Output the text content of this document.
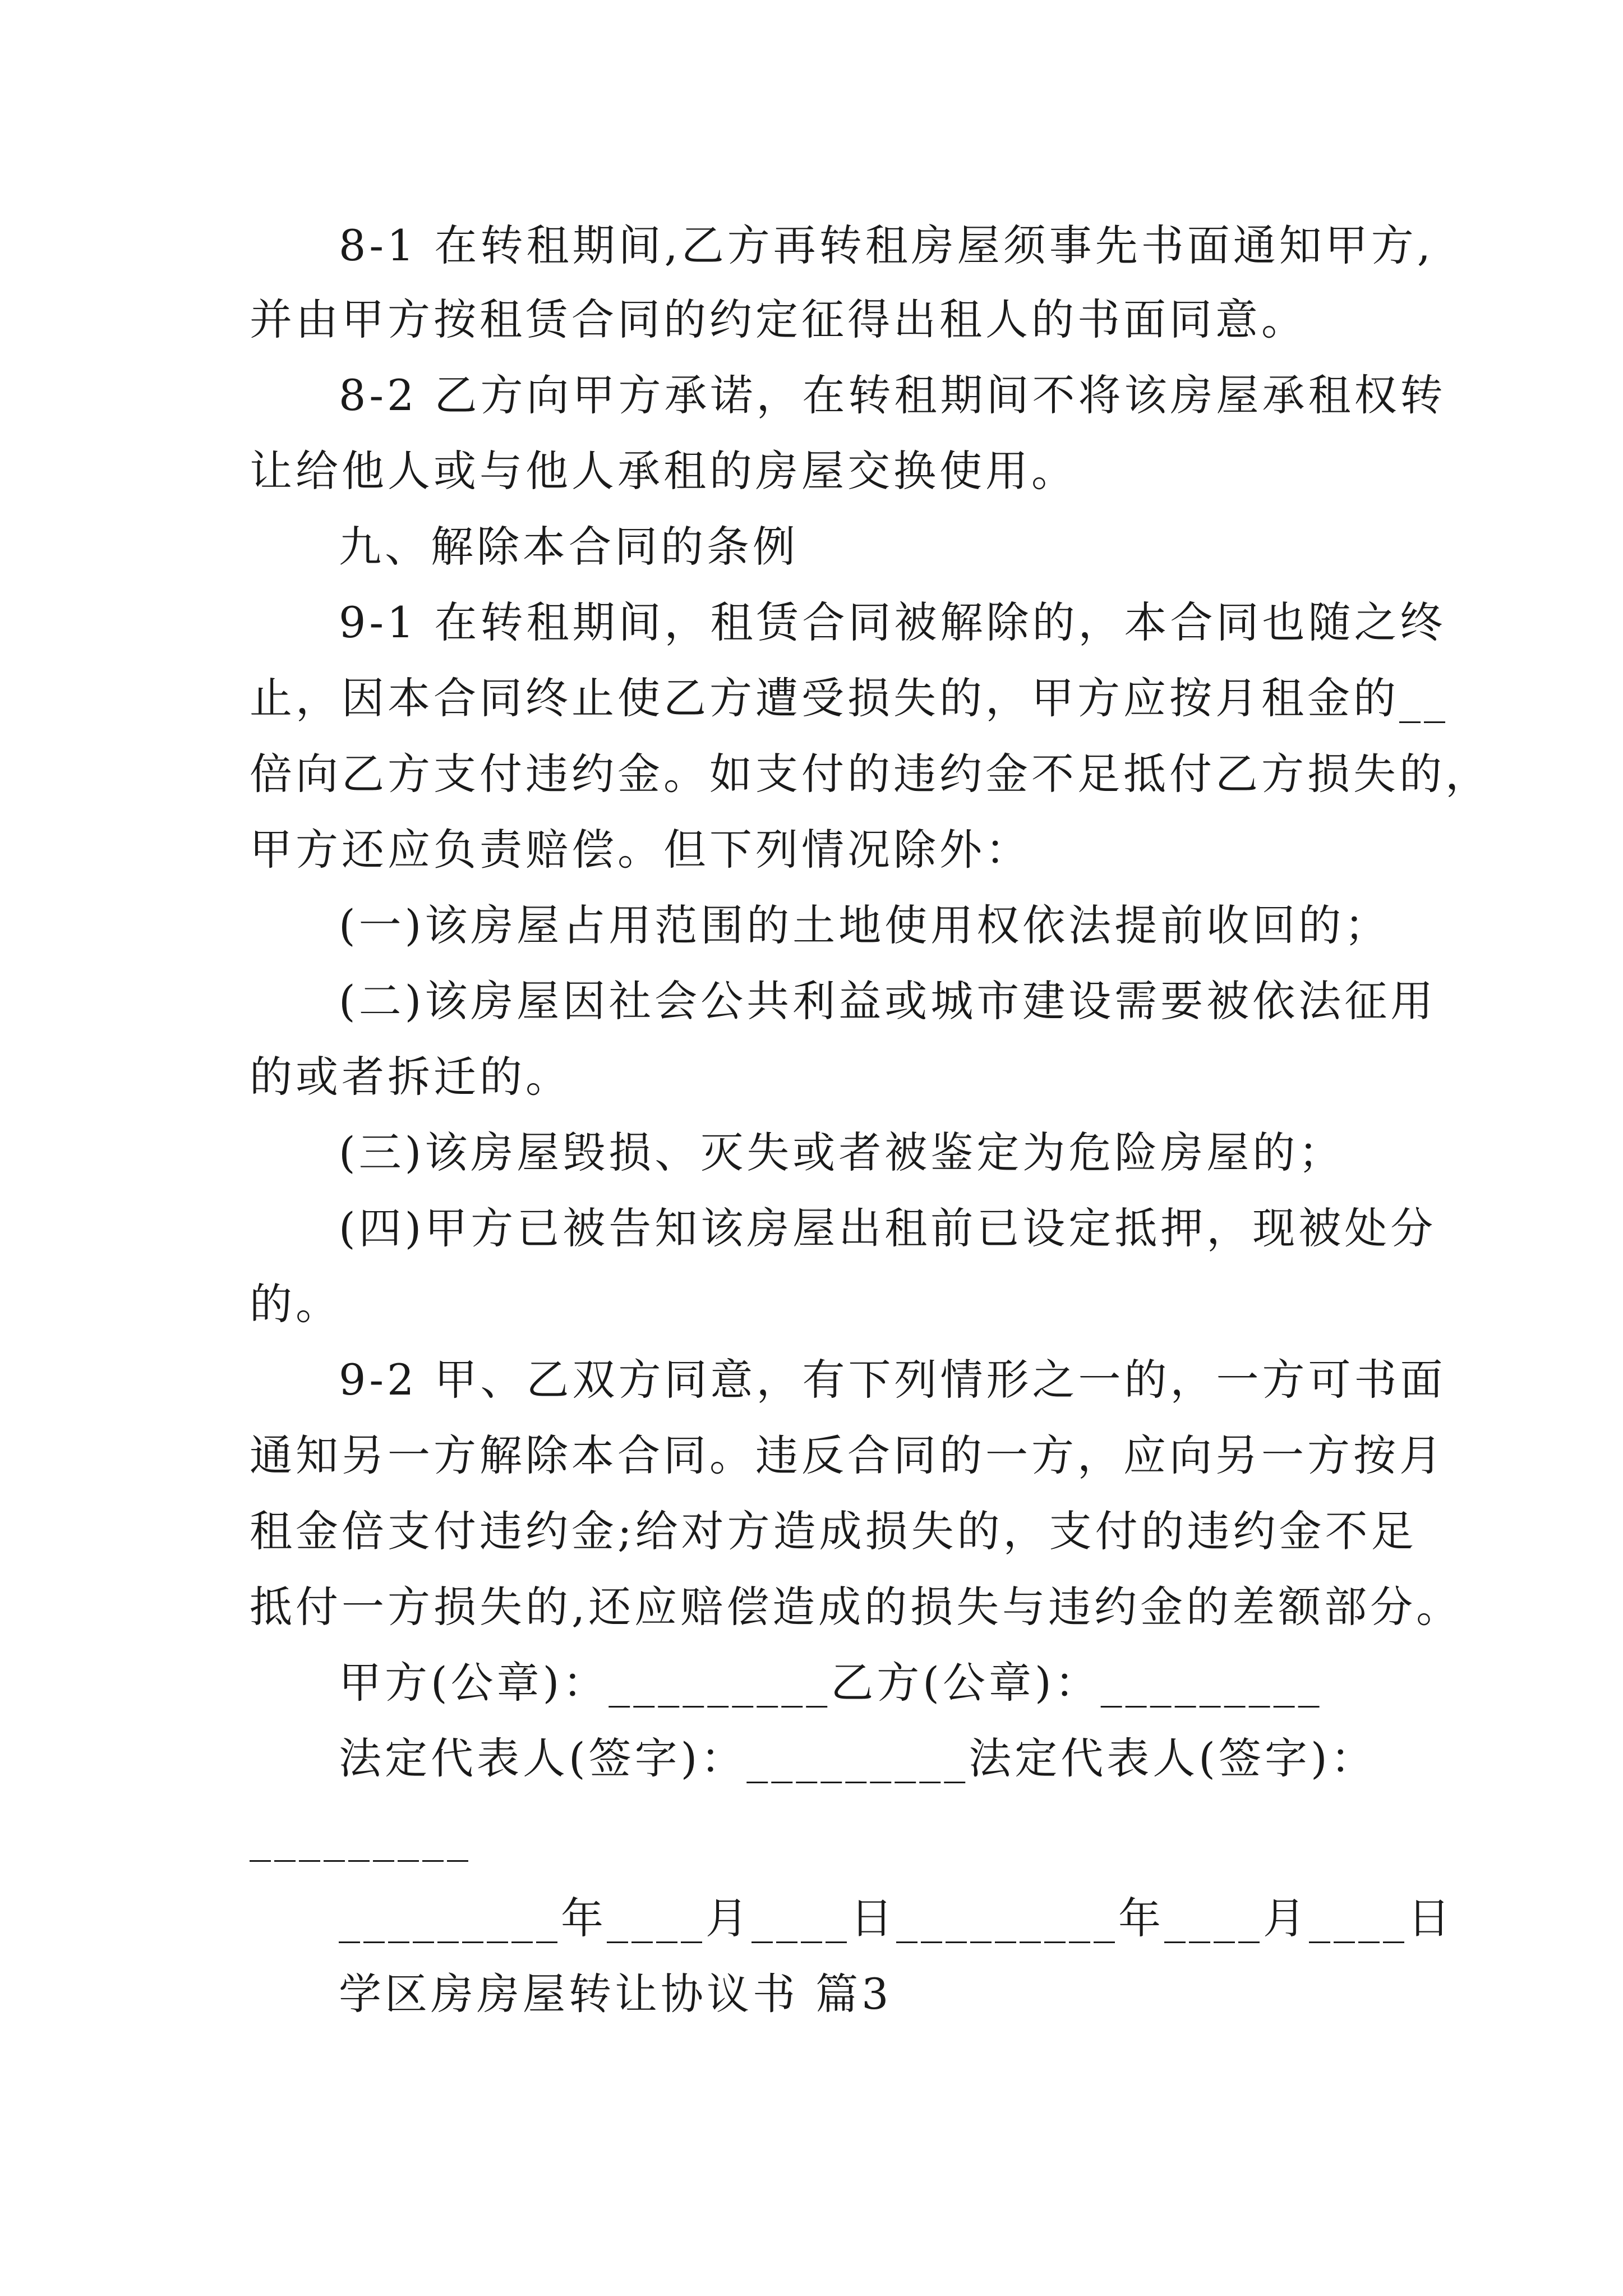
8-1 在转租期间,乙方再转租房屋须事先书面通知甲方,
并由甲方按租赁合同的约定征得出租人的书面同意。
8-2 乙方向甲方承诺，在转租期间不将该房屋承租权转
让给他人或与他人承租的房屋交换使用。
九、解除本合同的条例
9-1 在转租期间，租赁合同被解除的，本合同也随之终
止，因本合同终止使乙方遭受损失的，甲方应按月租金的__
倍向乙方支付违约金。如支付的违约金不足抵付乙方损失的，
甲方还应负责赔偿。但下列情况除外：
(一)该房屋占用范围的土地使用权依法提前收回的；
(二)该房屋因社会公共利益或城市建设需要被依法征用
的或者拆迁的。
(三)该房屋毁损、灭失或者被鉴定为危险房屋的；
(四)甲方已被告知该房屋出租前已设定抵押，现被处分
的。
9-2 甲、乙双方同意，有下列情形之一的，一方可书面
通知另一方解除本合同。违反合同的一方，应向另一方按月
租金倍支付违约金;给对方造成损失的，支付的违约金不足
抵付一方损失的,还应赔偿造成的损失与违约金的差额部分。
甲方(公章)：_________乙方(公章)：_________
法定代表人(签字)：_________法定代表人(签字)：
_________
_________年____月____日_________年____月____日
学区房房屋转让协议书 篇3
